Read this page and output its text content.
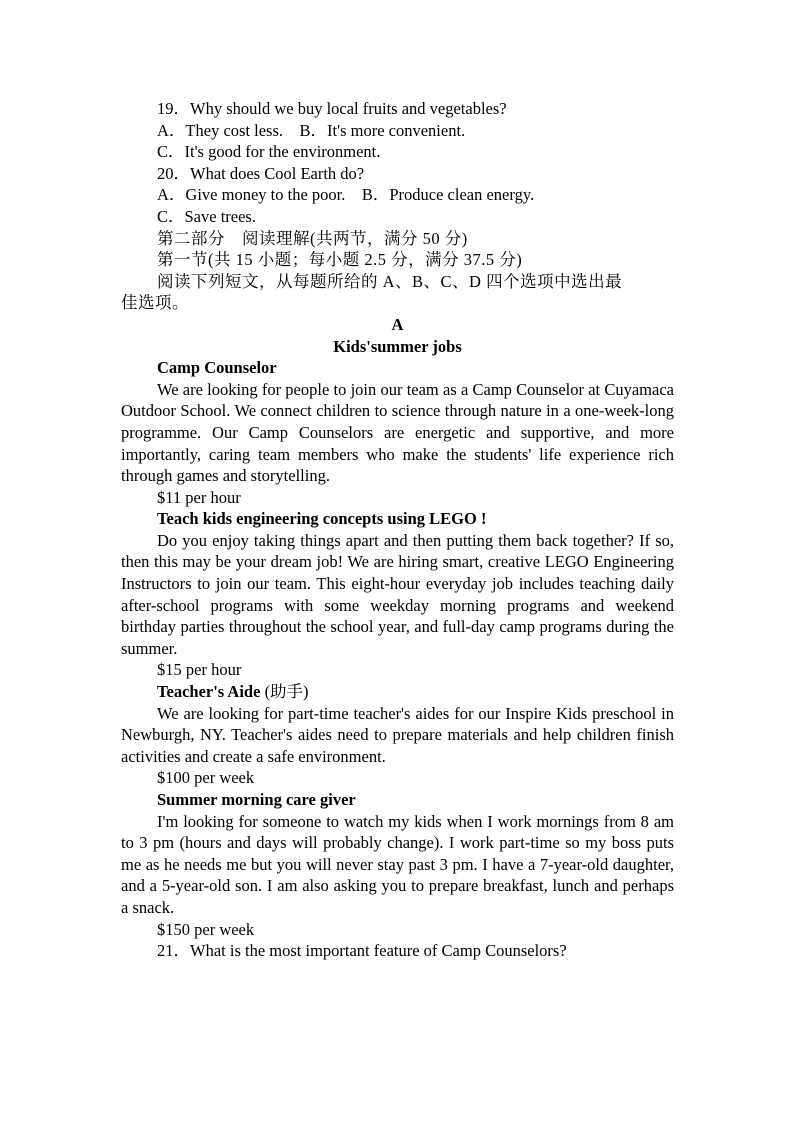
19．Why should we buy local fruits and vegetables?
A．They cost less.　B．It's more convenient.
C．It's good for the environment.
20．What does Cool Earth do?
A．Give money to the poor.　B．Produce clean energy.
C．Save trees.
第二部分　阅读理解(共两节，满分 50 分)
第一节(共 15 小题；每小题 2.5 分，满分 37.5 分)
阅读下列短文，从每题所给的 A、B、C、D 四个选项中选出最
佳选项。
A
Kids'summer jobs
Camp Counselor
We are looking for people to join our team as a Camp Counselor at Cuyamaca Outdoor School. We connect children to science through nature in a one-week-long programme. Our Camp Counselors are energetic and supportive, and more importantly, caring team members who make the students' life experience rich through games and storytelling.
$11 per hour
Teach kids engineering concepts using LEGO !
Do you enjoy taking things apart and then putting them back together? If so, then this may be your dream job! We are hiring smart, creative LEGO Engineering Instructors to join our team. This eight-hour everyday job includes teaching daily after-school programs with some weekday morning programs and weekend birthday parties throughout the school year, and full-day camp programs during the summer.
$15 per hour
Teacher's Aide (助手)
We are looking for part-time teacher's aides for our Inspire Kids preschool in Newburgh, NY. Teacher's aides need to prepare materials and help children finish activities and create a safe environment.
$100 per week
Summer morning care giver
I'm looking for someone to watch my kids when I work mornings from 8 am to 3 pm (hours and days will probably change). I work part-time so my boss puts me as he needs me but you will never stay past 3 pm. I have a 7-year-old daughter, and a 5-year-old son. I am also asking you to prepare breakfast, lunch and perhaps a snack.
$150 per week
21．What is the most important feature of Camp Counselors?
